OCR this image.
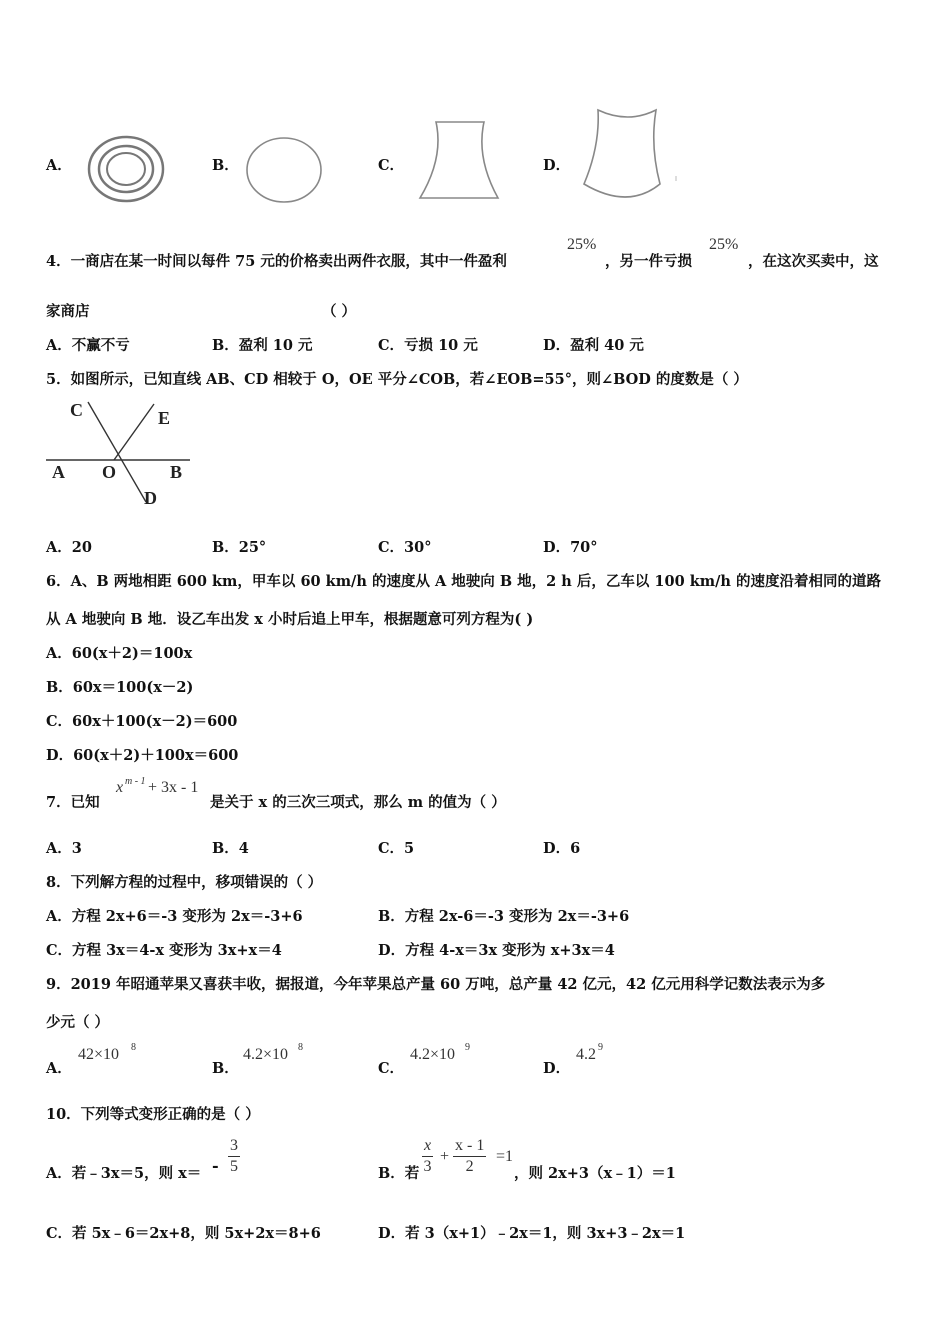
A．	B．	C．	D．
4．一商店在某一时间以每件 75 元的价格卖出两件衣服，其中一件盈利
25%
，另一件亏损
25%
，在这次买卖中，这
家商店	（ ）
A．不赢不亏	B．盈利 10 元	C．亏损 10 元	D．盈利 40 元
5．如图所示，已知直线 AB、CD 相较于 O，OE 平分∠COB，若∠EOB=55°，则∠BOD 的度数是（ ）
C	E
A O	B
D
A．20	B．25°	C．30°	D．70°
6．A、B 两地相距 600 km，甲车以 60 km/h 的速度从 A 地驶向 B 地，2 h 后，乙车以 100 km/h 的速度沿着相同的道路
从 A 地驶向 B 地．设乙车出发 x 小时后追上甲车，根据题意可列方程为( )
A．60(x＋2)＝100x
B．60x＝100(x－2)
C．60x＋100(x－2)＝600
D．60(x＋2)＋100x＝600
7．已知
x m - 1 + 3x - 1
是关于 x 的三次三项式，那么 m 的值为（ ）
A．3	B．4	C．5	D．6
8．下列解方程的过程中，移项错误的（ ）
A．方程 2x+6＝-3 变形为 2x＝-3+6	B．方程 2x-6＝-3 变形为 2x＝-3+6
C．方程 3x＝4-x 变形为 3x+x＝4	D．方程 4-x＝3x 变形为 x+3x＝4
9．2019 年昭通苹果又喜获丰收，据报道，今年苹果总产量 60 万吨，总产量 42 亿元，42 亿元用科学记数法表示为多
少元（ ）
A．
42×10 8
B．
4.2×10 8
C．
4.2×10 9
D．
4.2 9
10．下列等式变形正确的是（ ）
A．若﹣3x＝5，则 $x= - \frac{3}{5}$	B．若 $\frac{x}{3} + \frac{x - 1}{2} =1$
，则 2x+3（x﹣1）＝1
C．若 5x﹣6＝2x+8，则 5x+2x＝8+6	D．若 3（x+1）﹣2x＝1，则 3x+3﹣2x＝1
